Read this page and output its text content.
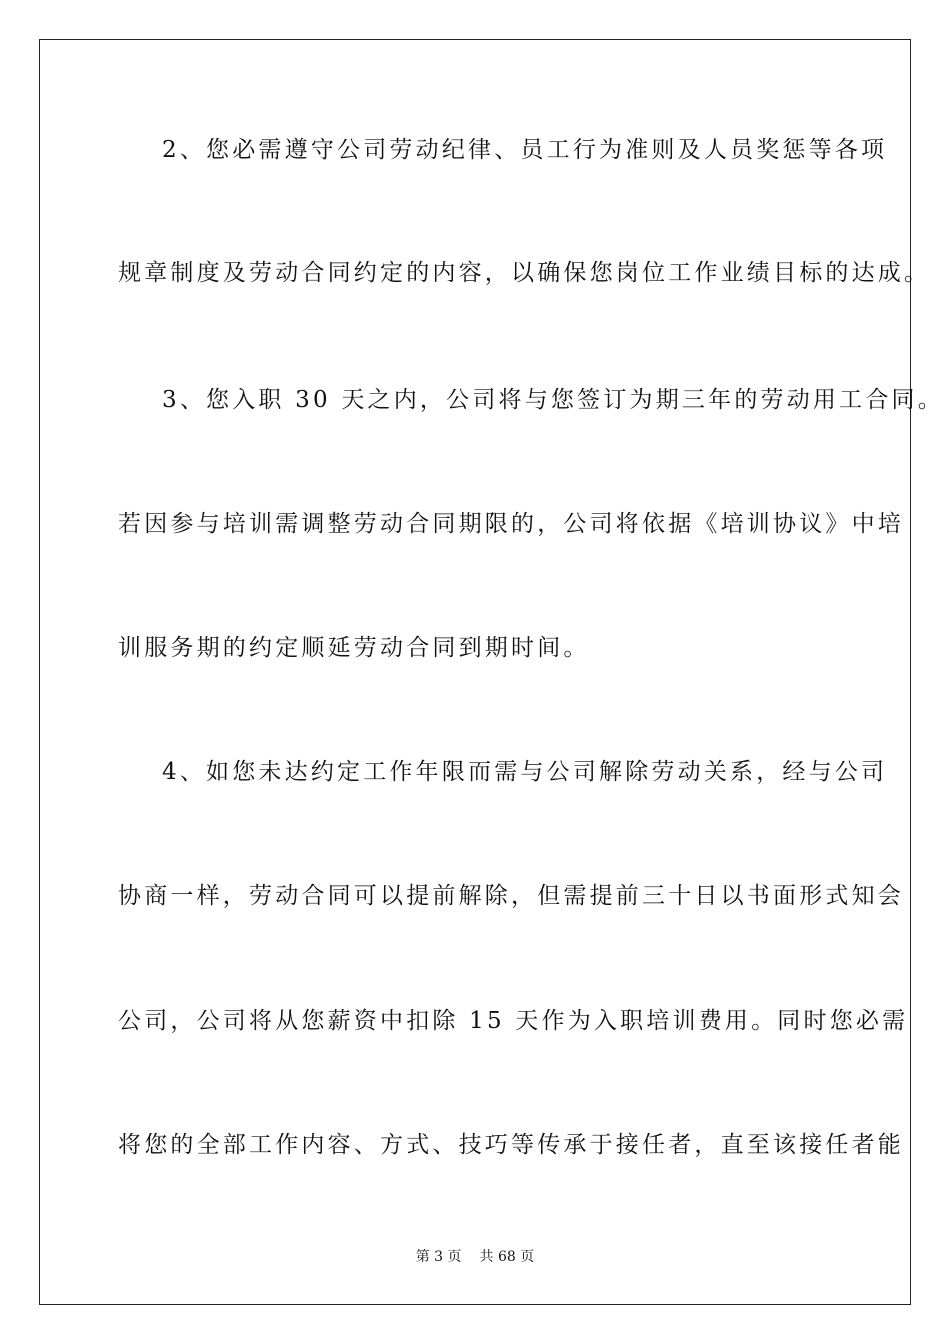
2、您必需遵守公司劳动纪律、员工行为准则及人员奖惩等各项
规章制度及劳动合同约定的内容，以确保您岗位工作业绩目标的达成。
3、您入职 30 天之内，公司将与您签订为期三年的劳动用工合同。
若因参与培训需调整劳动合同期限的，公司将依据《培训协议》中培
训服务期的约定顺延劳动合同到期时间。
4、如您未达约定工作年限而需与公司解除劳动关系，经与公司
协商一样，劳动合同可以提前解除，但需提前三十日以书面形式知会
公司，公司将从您薪资中扣除 15 天作为入职培训费用。同时您必需
将您的全部工作内容、方式、技巧等传承于接任者，直至该接任者能
第 3 页 共 68 页
